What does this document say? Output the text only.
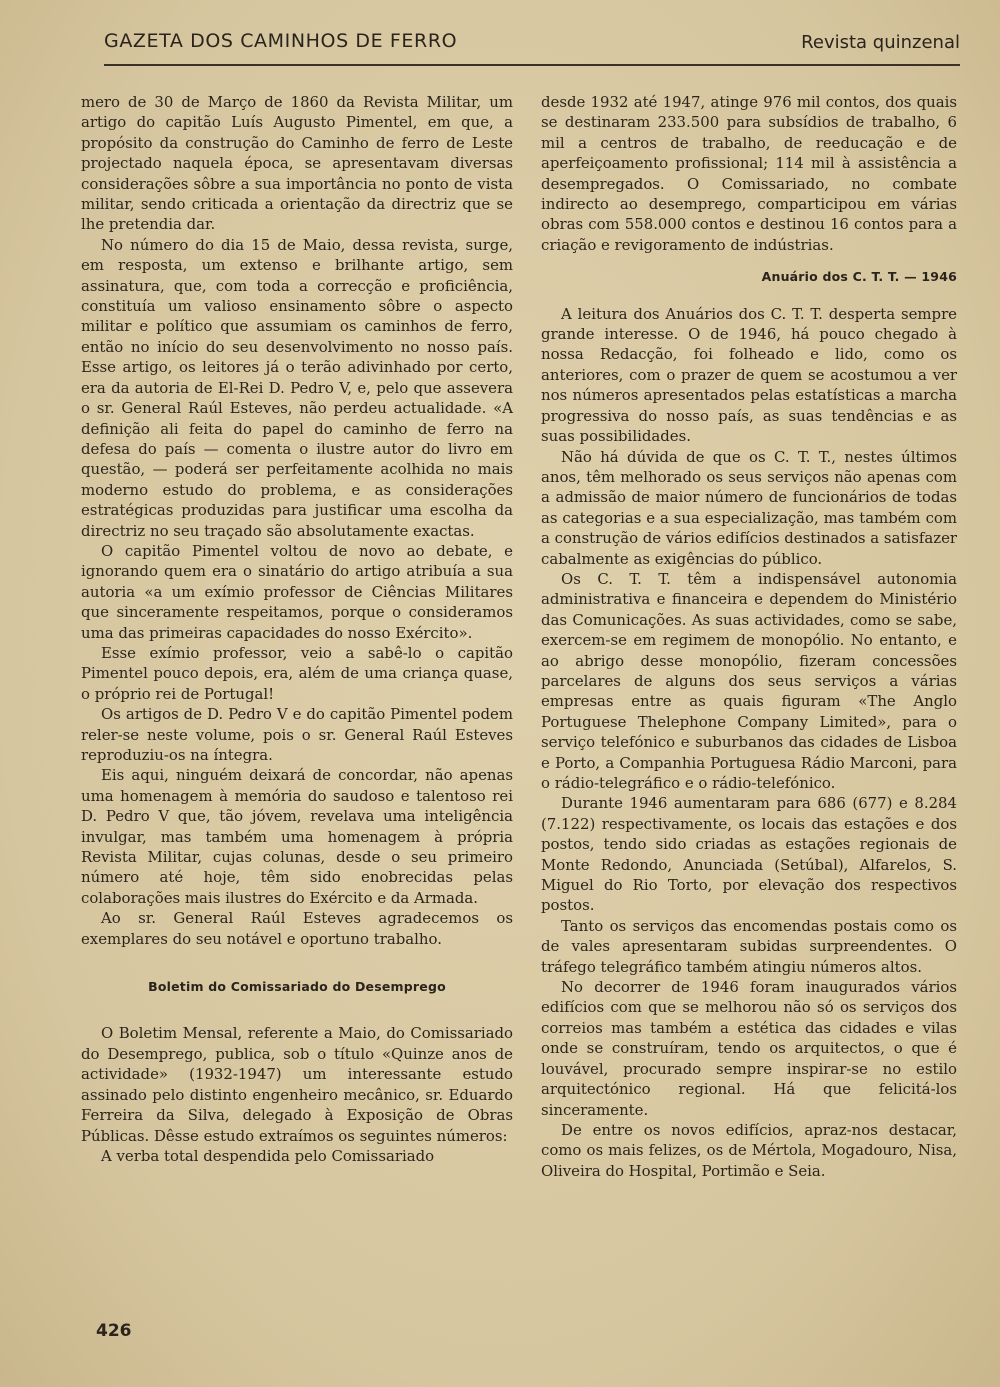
GAZETA DOS CAMINHOS DE FERRO	Revista quinzenal

mero de 30 de Março de 1860 da Revista Militar, um artigo do capitão Luís Augusto Pimentel, em que, a propósito da construção do Caminho de ferro de Leste projectado naquela época, se apresentavam diversas considerações sôbre a sua importância no ponto de vista militar, sendo criticada a orientação da directriz que se lhe pretendia dar.

No número do dia 15 de Maio, dessa revista, surge, em resposta, um extenso e brilhante artigo, sem assinatura, que, com toda a correcção e proficiência, constituía um valioso ensinamento sôbre o aspecto militar e político que assumiam os caminhos de ferro, então no início do seu desenvolvimento no nosso país. Esse artigo, os leitores já o terão adivinhado por certo, era da autoria de El-Rei D. Pedro V, e, pelo que assevera o sr. General Raúl Esteves, não perdeu actualidade. «A definição ali feita do papel do caminho de ferro na defesa do país — comenta o ilustre autor do livro em questão, — poderá ser perfeitamente acolhida no mais moderno estudo do problema, e as considerações estratégicas produzidas para justificar uma escolha da directriz no seu traçado são absolutamente exactas.

O capitão Pimentel voltou de novo ao debate, e ignorando quem era o sinatário do artigo atribuía a sua autoria «a um exímio professor de Ciências Militares que sinceramente respeitamos, porque o consideramos uma das primeiras capacidades do nosso Exército».

Esse exímio professor, veio a sabê-lo o capitão Pimentel pouco depois, era, além de uma criança quase, o próprio rei de Portugal!

Os artigos de D. Pedro V e do capitão Pimentel podem reler-se neste volume, pois o sr. General Raúl Esteves reproduziu-os na íntegra.

Eis aqui, ninguém deixará de concordar, não apenas uma homenagem à memória do saudoso e talentoso rei D. Pedro V que, tão jóvem, revelava uma inteligência invulgar, mas também uma homenagem à própria Revista Militar, cujas colunas, desde o seu primeiro número até hoje, têm sido enobrecidas pelas colaborações mais ilustres do Exército e da Armada.

Ao sr. General Raúl Esteves agradecemos os exemplares do seu notável e oportuno trabalho.

Boletim do Comissariado do Desemprego

O Boletim Mensal, referente a Maio, do Comissariado do Desemprego, publica, sob o título «Quinze anos de actividade» (1932-1947) um interessante estudo assinado pelo distinto engenheiro mecânico, sr. Eduardo Ferreira da Silva, delegado à Exposição de Obras Públicas. Dêsse estudo extraímos os seguintes números:

A verba total despendida pelo Comissariado

desde 1932 até 1947, atinge 976 mil contos, dos quais se destinaram 233.500 para subsídios de trabalho, 6 mil a centros de trabalho, de reeducação e de aperfeiçoamento profissional; 114 mil à assistência a desempregados. O Comissariado, no combate indirecto ao desemprego, comparticipou em várias obras com 558.000 contos e destinou 16 contos para a criação e revigoramento de indústrias.

Anuário dos C. T. T. — 1946

A leitura dos Anuários dos C. T. T. desperta sempre grande interesse. O de 1946, há pouco chegado à nossa Redacção, foi folheado e lido, como os anteriores, com o prazer de quem se acostumou a ver nos números apresentados pelas estatísticas a marcha progressiva do nosso país, as suas tendências e as suas possibilidades.

Não há dúvida de que os C. T. T., nestes últimos anos, têm melhorado os seus serviços não apenas com a admissão de maior número de funcionários de todas as categorias e a sua especialização, mas também com a construção de vários edifícios destinados a satisfazer cabalmente as exigências do público.

Os C. T. T. têm a indispensável autonomia administrativa e financeira e dependem do Ministério das Comunicações. As suas actividades, como se sabe, exercem-se em regimem de monopólio. No entanto, e ao abrigo desse monopólio, fizeram concessões parcelares de alguns dos seus serviços a várias empresas entre as quais figuram «The Anglo Portuguese Thelephone Company Limited», para o serviço telefónico e suburbanos das cidades de Lisboa e Porto, a Companhia Portuguesa Rádio Marconi, para o rádio-telegráfico e o rádio-telefónico.

Durante 1946 aumentaram para 686 (677) e 8.284 (7.122) respectivamente, os locais das estações e dos postos, tendo sido criadas as estações regionais de Monte Redondo, Anunciada (Setúbal), Alfarelos, S. Miguel do Rio Torto, por elevação dos respectivos postos.

Tanto os serviços das encomendas postais como os de vales apresentaram subidas surpreendentes. O tráfego telegráfico também atingiu números altos.

No decorrer de 1946 foram inaugurados vários edifícios com que se melhorou não só os serviços dos correios mas também a estética das cidades e vilas onde se construíram, tendo os arquitectos, o que é louvável, procurado sempre inspirar-se no estilo arquitectónico regional. Há que felicitá-los sinceramente.

De entre os novos edifícios, apraz-nos destacar, como os mais felizes, os de Mértola, Mogadouro, Nisa, Oliveira do Hospital, Portimão e Seia.

426
